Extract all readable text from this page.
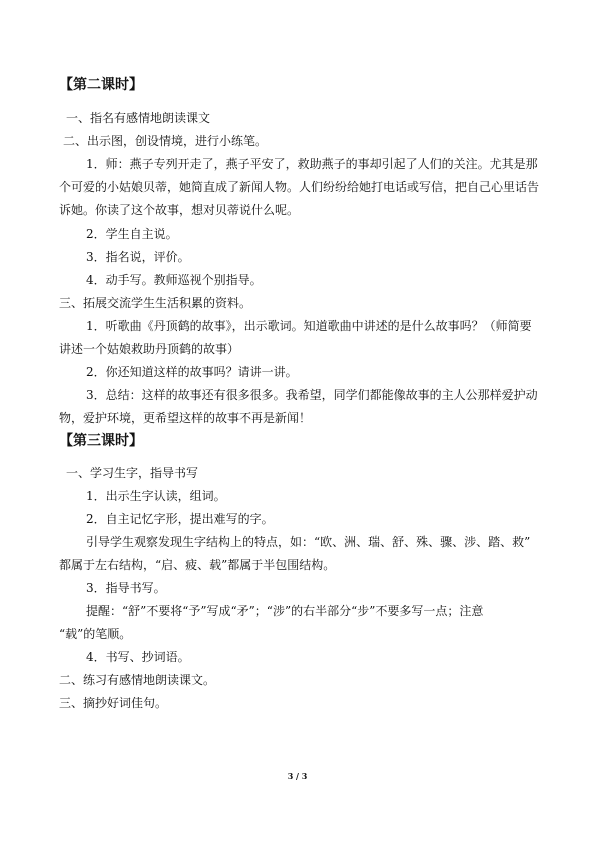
【第二课时】
一、指名有感情地朗读课文
二、出示图，创设情境，进行小练笔。
1．师：燕子专列开走了，燕子平安了，救助燕子的事却引起了人们的关注。尤其是那
个可爱的小姑娘贝蒂，她简直成了新闻人物。人们纷纷给她打电话或写信，把自己心里话告
诉她。你读了这个故事，想对贝蒂说什么呢。
2．学生自主说。
3．指名说，评价。
4．动手写。教师巡视个别指导。
三、拓展交流学生生活积累的资料。
1．听歌曲《丹顶鹤的故事》，出示歌词。知道歌曲中讲述的是什么故事吗？（师简要
讲述一个姑娘救助丹顶鹤的故事）
2．你还知道这样的故事吗？请讲一讲。
3．总结：这样的故事还有很多很多。我希望，同学们都能像故事的主人公那样爱护动
物，爱护环境，更希望这样的故事不再是新闻！
【第三课时】
一、学习生字，指导书写
1．出示生字认读，组词。
2．自主记忆字形，提出难写的字。
引导学生观察发现生字结构上的特点，如：“欧、洲、瑞、舒、殊、骤、涉、踏、救”
都属于左右结构，“启、疲、载”都属于半包围结构。
3．指导书写。
提醒：“舒”不要将“予”写成“矛”；“涉”的右半部分“步”不要多写一点；注意
“载”的笔顺。
4．书写、抄词语。
二、练习有感情地朗读课文。
三、摘抄好词佳句。
3 / 3
